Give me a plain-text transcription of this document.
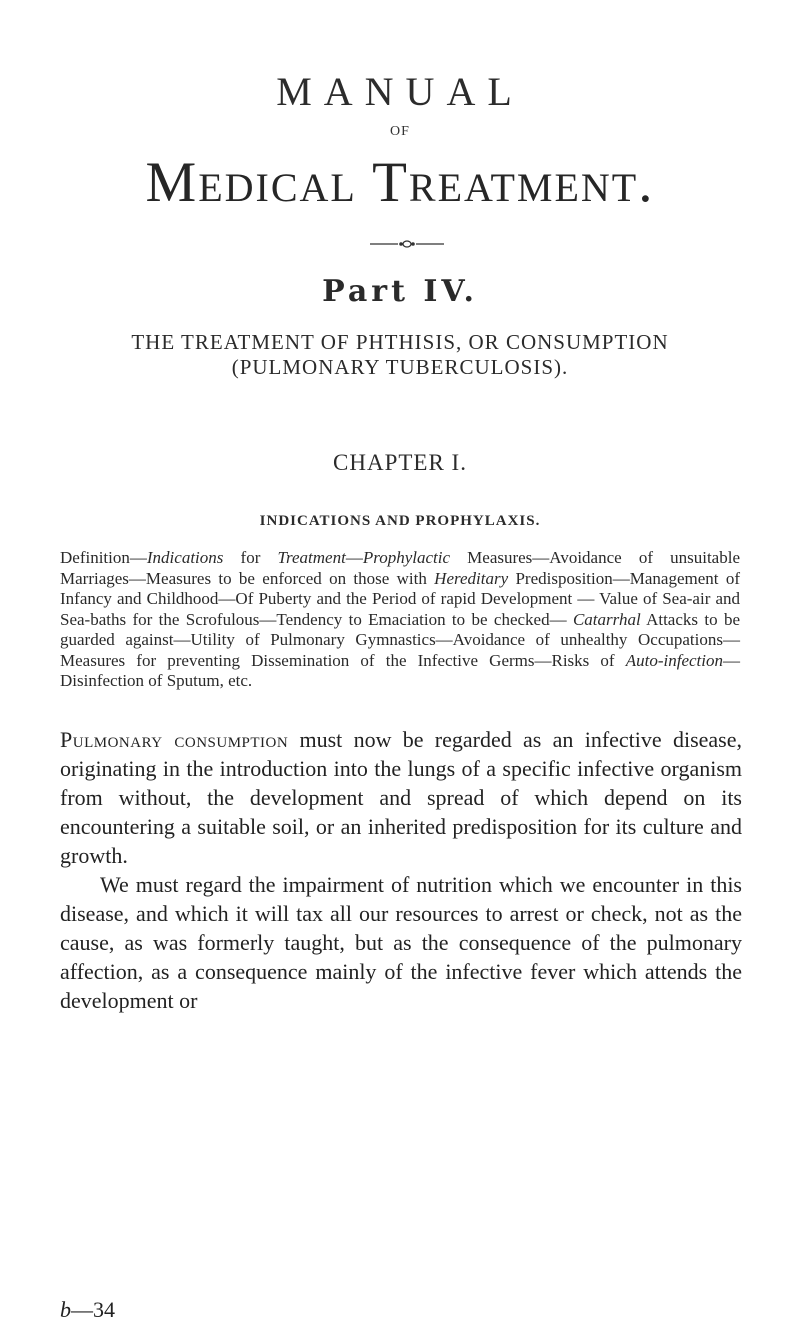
MANUAL
OF
Medical Treatment.
Part IV.
THE TREATMENT OF PHTHISIS, OR CONSUMPTION
(PULMONARY TUBERCULOSIS).
CHAPTER I.
INDICATIONS AND PROPHYLAXIS.
Definition—Indications for Treatment—Prophylactic Measures—Avoidance of unsuitable Marriages—Measures to be enforced on those with Hereditary Predisposition—Management of Infancy and Childhood—Of Puberty and the Period of rapid Development — Value of Sea-air and Sea-baths for the Scrofulous—Tendency to Emaciation to be checked— Catarrhal Attacks to be guarded against—Utility of Pulmonary Gymnastics—Avoidance of unhealthy Occupations—Measures for preventing Dissemination of the Infective Germs—Risks of Auto-infection—Disinfection of Sputum, etc.

Pulmonary consumption must now be regarded as an infective disease, originating in the introduction into the lungs of a specific infective organism from without, the development and spread of which depend on its encountering a suitable soil, or an inherited predisposition for its culture and growth.

We must regard the impairment of nutrition which we encounter in this disease, and which it will tax all our resources to arrest or check, not as the cause, as was formerly taught, but as the consequence of the pulmonary affection, as a consequence mainly of the infective fever which attends the development or

b—34
